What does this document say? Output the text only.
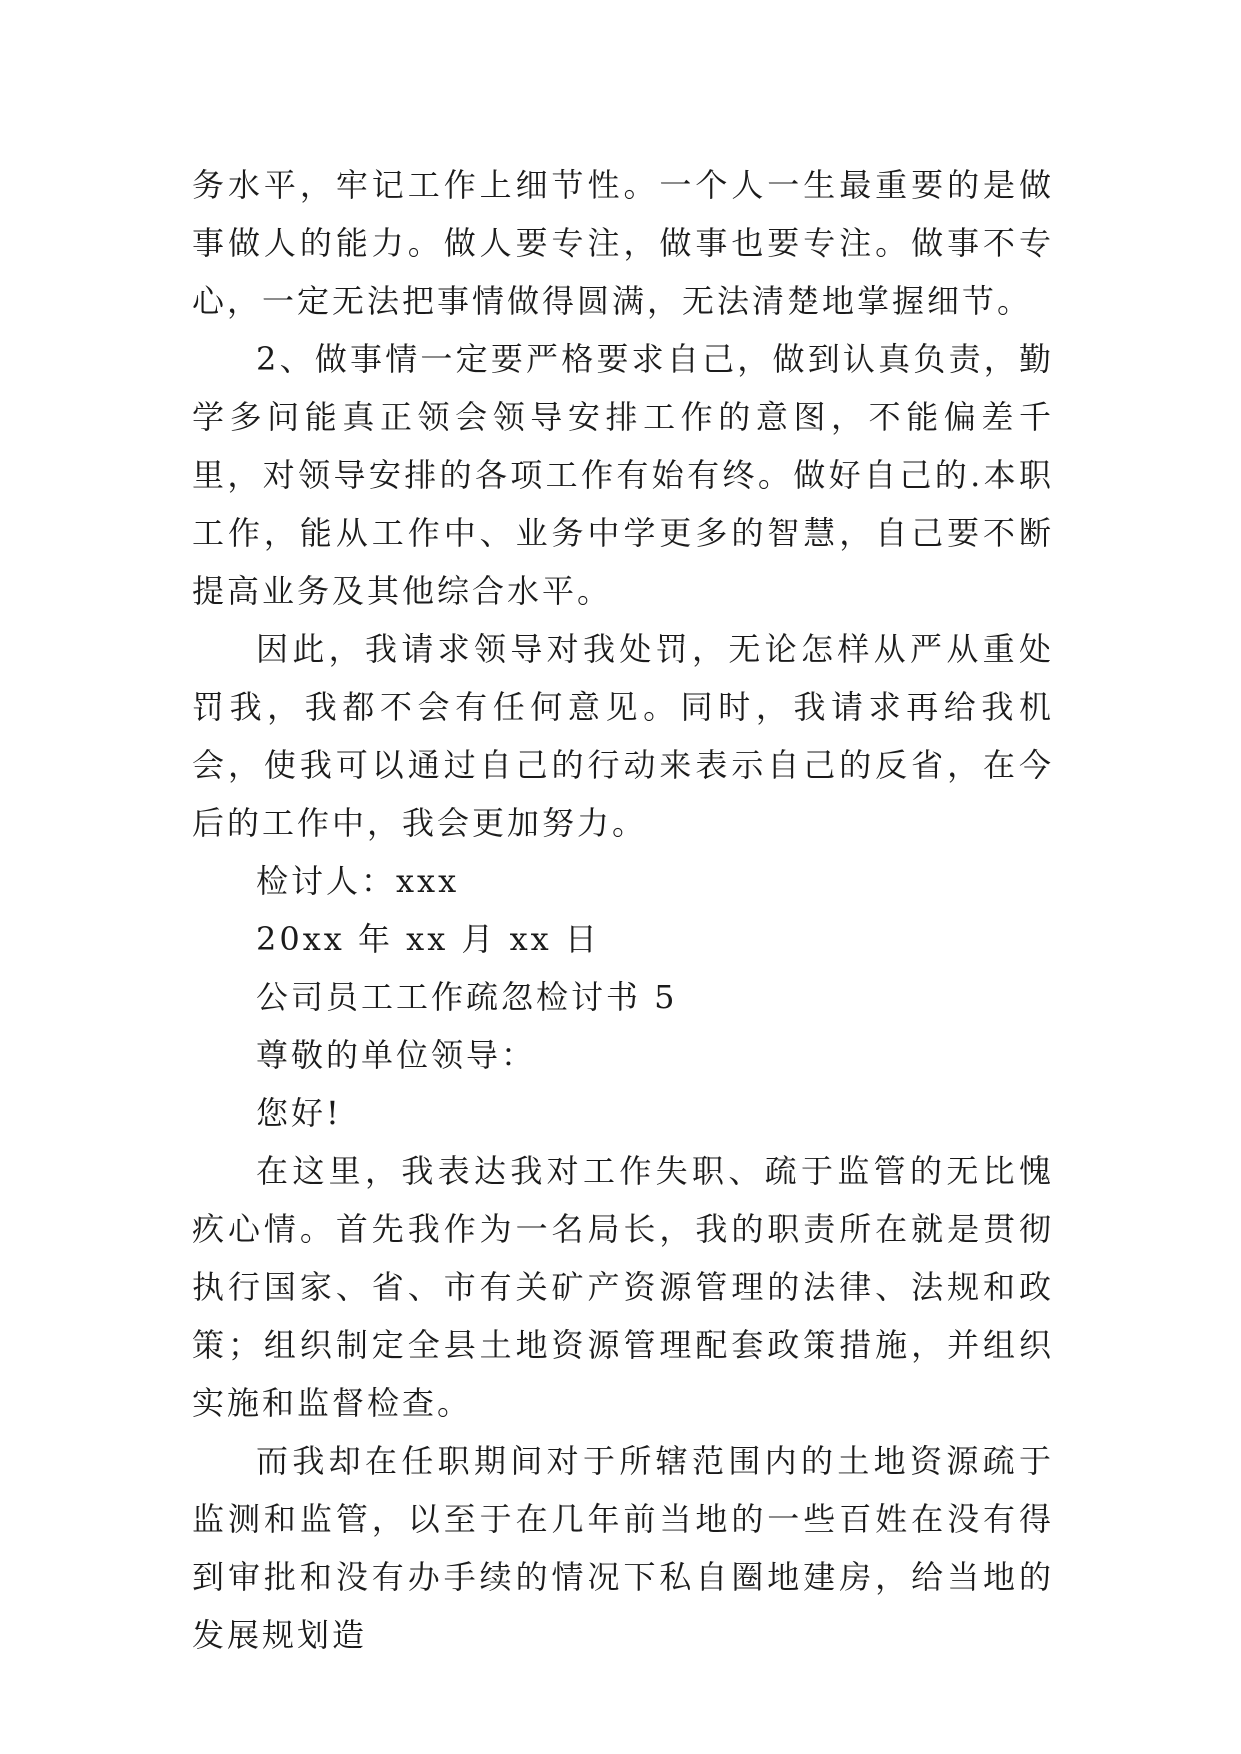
务水平，牢记工作上细节性。一个人一生最重要的是做事做人的能力。做人要专注，做事也要专注。做事不专心，一定无法把事情做得圆满，无法清楚地掌握细节。

2、做事情一定要严格要求自己，做到认真负责，勤学多问能真正领会领导安排工作的意图，不能偏差千里，对领导安排的各项工作有始有终。做好自己的.本职工作，能从工作中、业务中学更多的智慧，自己要不断提高业务及其他综合水平。

因此，我请求领导对我处罚，无论怎样从严从重处罚我，我都不会有任何意见。同时，我请求再给我机会，使我可以通过自己的行动来表示自己的反省，在今后的工作中，我会更加努力。

检讨人：xxx

20xx 年 xx 月 xx 日

公司员工工作疏忽检讨书 5

尊敬的单位领导：

您好!

在这里，我表达我对工作失职、疏于监管的无比愧疚心情。首先我作为一名局长，我的职责所在就是贯彻执行国家、省、市有关矿产资源管理的法律、法规和政策；组织制定全县土地资源管理配套政策措施，并组织实施和监督检查。

而我却在任职期间对于所辖范围内的土地资源疏于监测和监管，以至于在几年前当地的一些百姓在没有得到审批和没有办手续的情况下私自圈地建房，给当地的发展规划造
